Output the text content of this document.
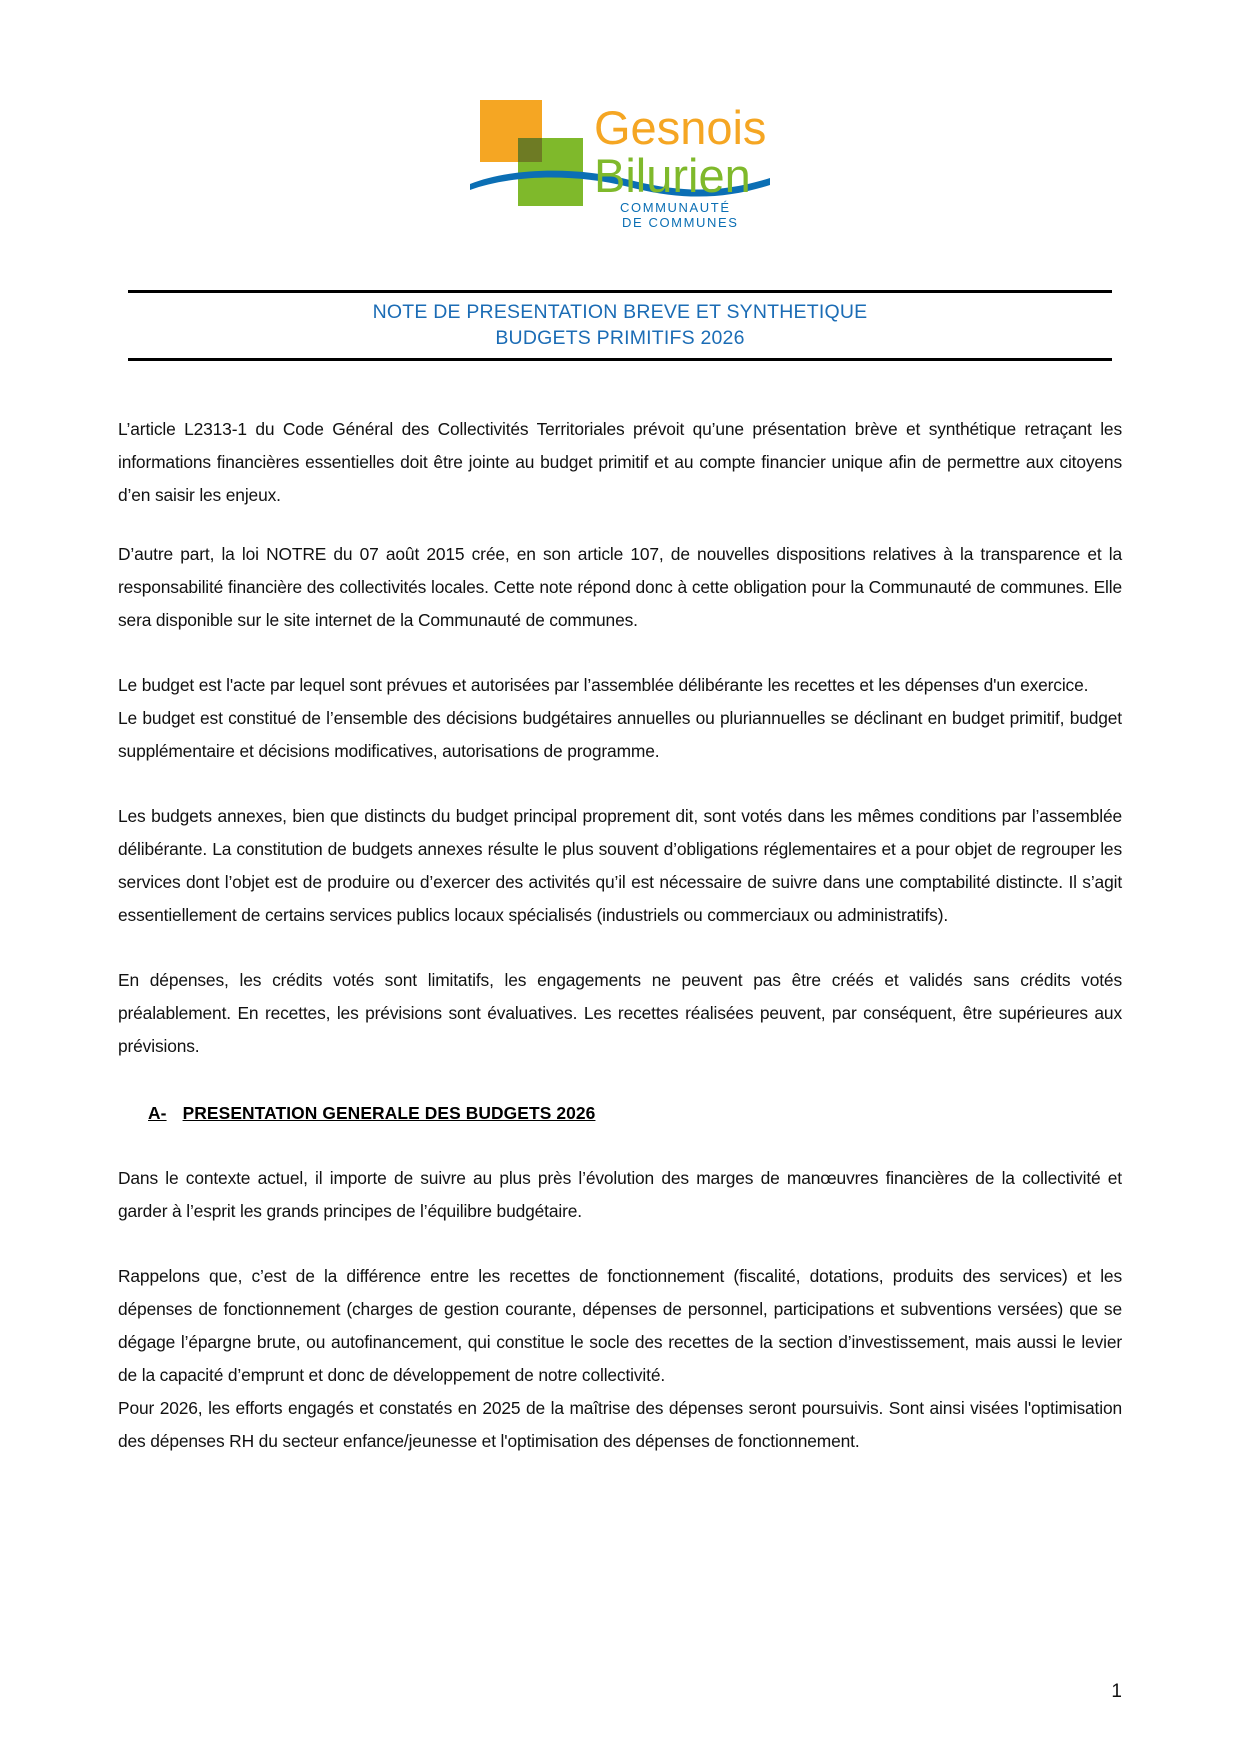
Gesnois
Bilurien
COMMUNAUTÉ
DE COMMUNES
NOTE DE PRESENTATION BREVE ET SYNTHETIQUE
BUDGETS PRIMITIFS 2026

L’article L2313-1 du Code Général des Collectivités Territoriales prévoit qu’une présentation brève et synthétique retraçant les informations financières essentielles doit être jointe au budget primitif et au compte financier unique afin de permettre aux citoyens d’en saisir les enjeux.

D’autre part, la loi NOTRE du 07 août 2015 crée, en son article 107, de nouvelles dispositions relatives à la transparence et la responsabilité financière des collectivités locales. Cette note répond donc à cette obligation pour la Communauté de communes. Elle sera disponible sur le site internet de la Communauté de communes.

Le budget est l'acte par lequel sont prévues et autorisées par l’assemblée délibérante les recettes et les dépenses d'un exercice.

Le budget est constitué de l’ensemble des décisions budgétaires annuelles ou pluriannuelles se déclinant en budget primitif, budget supplémentaire et décisions modificatives, autorisations de programme.

Les budgets annexes, bien que distincts du budget principal proprement dit, sont votés dans les mêmes conditions par l’assemblée délibérante. La constitution de budgets annexes résulte le plus souvent d’obligations réglementaires et a pour objet de regrouper les services dont l’objet est de produire ou d’exercer des activités qu’il est nécessaire de suivre dans une comptabilité distincte. Il s’agit essentiellement de certains services publics locaux spécialisés (industriels ou commerciaux ou administratifs).

En dépenses, les crédits votés sont limitatifs, les engagements ne peuvent pas être créés et validés sans crédits votés préalablement. En recettes, les prévisions sont évaluatives. Les recettes réalisées peuvent, par conséquent, être supérieures aux prévisions.

A- PRESENTATION GENERALE DES BUDGETS 2026

Dans le contexte actuel, il importe de suivre au plus près l’évolution des marges de manœuvres financières de la collectivité et garder à l’esprit les grands principes de l’équilibre budgétaire.

Rappelons que, c’est de la différence entre les recettes de fonctionnement (fiscalité, dotations, produits des services) et les dépenses de fonctionnement (charges de gestion courante, dépenses de personnel, participations et subventions versées) que se dégage l’épargne brute, ou autofinancement, qui constitue le socle des recettes de la section d’investissement, mais aussi le levier de la capacité d’emprunt et donc de développement de notre collectivité.

Pour 2026, les efforts engagés et constatés en 2025 de la maîtrise des dépenses seront poursuivis. Sont ainsi visées l'optimisation des dépenses RH du secteur enfance/jeunesse et l'optimisation des dépenses de fonctionnement.

1
